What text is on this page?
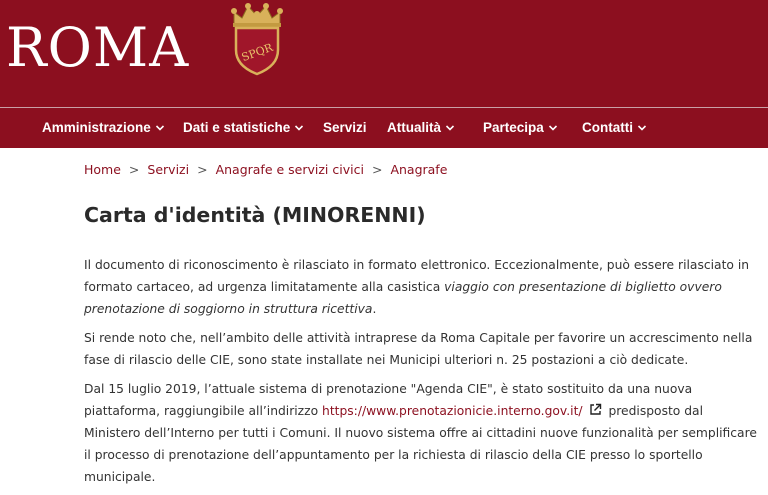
ROMA	SPQR
Amministrazione	Dati e statistiche	Servizi Attualità	Partecipa	Contatti
Home > Servizi > Anagrafe e servizi civici > Anagrafe
Carta d'identità (MINORENNI)

Il documento di riconoscimento è rilasciato in formato elettronico. Eccezionalmente, può essere rilasciato in formato cartaceo, ad urgenza limitatamente alla casistica viaggio con presentazione di biglietto ovvero prenotazione di soggiorno in struttura ricettiva.

Si rende noto che, nell’ambito delle attività intraprese da Roma Capitale per favorire un accrescimento nella fase di rilascio delle CIE, sono state installate nei Municipi ulteriori n. 25 postazioni a ciò dedicate.

Dal 15 luglio 2019, l’attuale sistema di prenotazione "Agenda CIE", è stato sostituito da una nuova piattaforma, raggiungibile all’indirizzo https://www.prenotazionicie.interno.gov.it/ predisposto dal Ministero dell’Interno per tutti i Comuni. Il nuovo sistema offre ai cittadini nuove funzionalità per semplificare il processo di prenotazione dell’appuntamento per la richiesta di rilascio della CIE presso lo sportello municipale.
